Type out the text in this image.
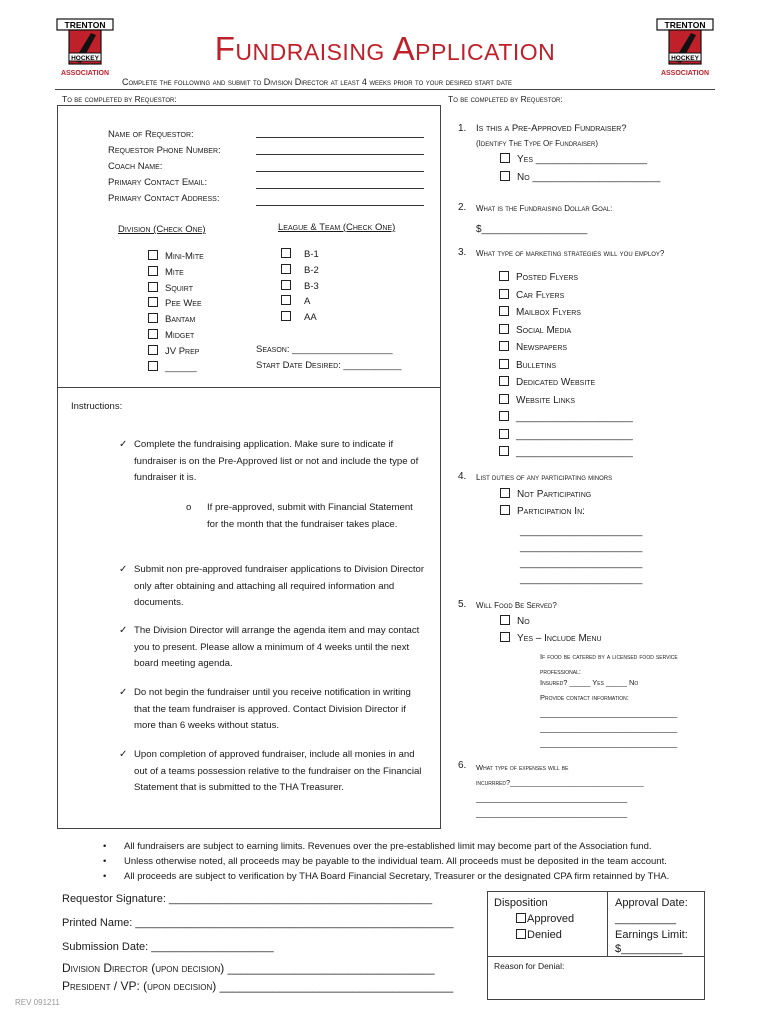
TRENTON
HOCKEY
ASSOCIATION
TRENTON
HOCKEY
ASSOCIATION
Fundraising Application
Complete the following and submit to Division Director at least 4 weeks prior to your desired start date
To be completed by Requestor:	To be completed by Requestor:
Name of Requestor:
Requestor Phone Number:
Coach Name:
Primary Contact Email:
Primary Contact Address:
Division (Check One)
Mini-Mite
Mite
Squirt
Pee Wee
Bantam
Midget
JV Prep
______
League & Team (Check One)
B-1
B-2
B-3
A
AA
Season: ___________________
Start Date Desired: ___________
Instructions:
✓ Complete the fundraising application. Make sure to indicate if fundraiser is on the Pre-Approved list or not and include the type of fundraiser it is.
o If pre-approved, submit with Financial Statement for the month that the fundraiser takes place.
✓ Submit non pre-approved fundraiser applications to Division Director only after obtaining and attaching all required information and documents.
✓ The Division Director will arrange the agenda item and may contact you to present. Please allow a minimum of 4 weeks until the next board meeting agenda.
✓ Do not begin the fundraiser until you receive notification in writing that the team fundraiser is approved. Contact Division Director if more than 6 weeks without status.
✓ Upon completion of approved fundraiser, include all monies in and out of a teams possession relative to the fundraiser on the Financial Statement that is submitted to the THA Treasurer.
1. Is this a Pre-Approved Fundraiser?
(Identify The Type Of Fundraiser)
Yes ____________________
No _______________________
2. What is the Fundraising Dollar Goal:
$___________________
3. What type of marketing strategies will you employ?
Posted Flyers
Car Flyers
Mailbox Flyers
Social Media
Newspapers
Bulletins
Dedicated Website
Website Links
_____________________
_____________________
_____________________
4. List duties of any participating minors
Not Participating
Participation In:
______________________
______________________
______________________
______________________
5. Will Food Be Served?
No
Yes – Include Menu
If food be catered by a licensed food service professional:
Insured? _____ Yes _____ No
Provide contact information:
_____________________________
_____________________________
_____________________________
6. What type of expenses will be
incurrred?________________________________
________________________________
________________________________
• All fundraisers are subject to earning limits. Revenues over the pre-established limit may become part of the Association fund.
• Unless otherwise noted, all proceeds may be payable to the individual team. All proceeds must be deposited in the team account.
• All proceeds are subject to verification by THA Board Financial Secretary, Treasurer or the designated CPA firm retainned by THA.
Requestor Signature: ___________________________________________
Printed Name: ____________________________________________________
Submission Date: ____________________
Division Director (upon decision) _______________________________
President / VP: (upon decision) ___________________________________
Disposition
Approved
Denied
Approval Date:
__________
Earnings Limit:
$__________
Reason for Denial:
REV 091211
